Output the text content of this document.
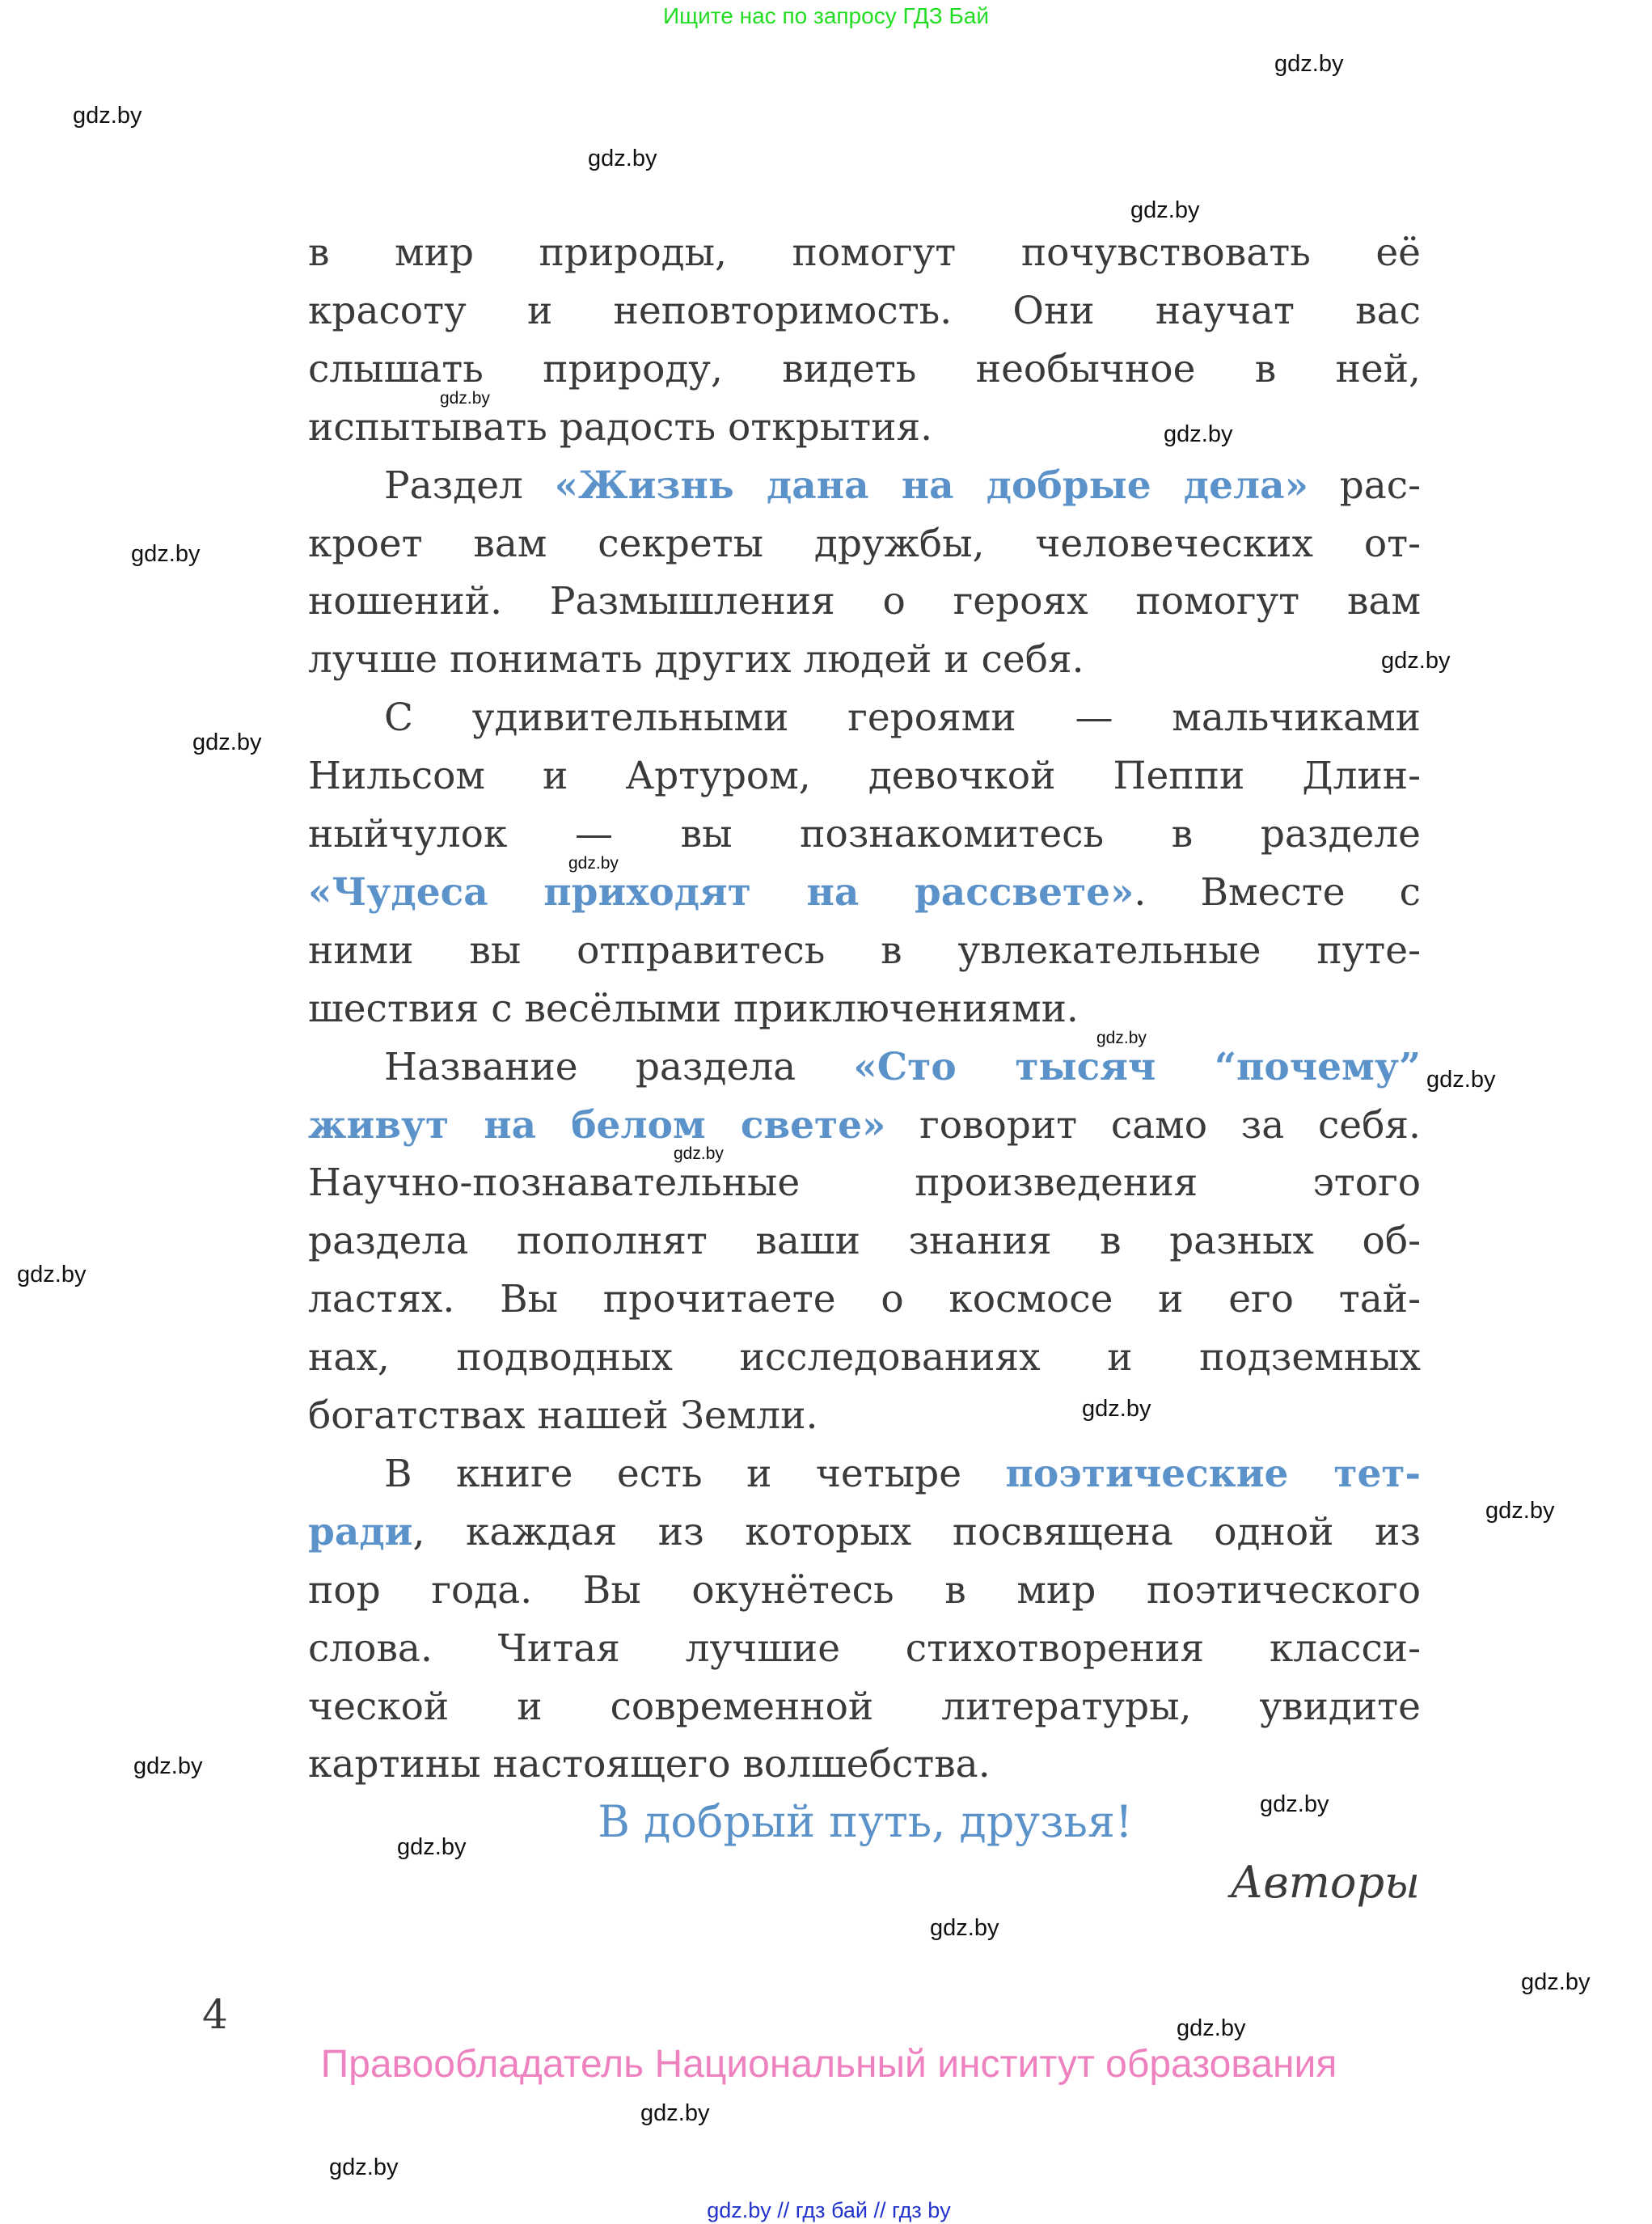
Ищите нас по запросу ГДЗ Бай
в мир природы, помогут почувствовать её
красоту и неповторимость. Они научат вас
слышать природу, видеть необычное в ней,
испытывать радость открытия.
Раздел «Жизнь дана на добрые дела» рас-
кроет вам секреты дружбы, человеческих от-
ношений. Размышления о героях помогут вам
лучше понимать других людей и себя.
С удивительными героями — мальчиками
Нильсом и Артуром, девочкой Пеппи Длин-
ныйчулок — вы познакомитесь в разделе
«Чудеса приходят на рассвете». Вместе с
ними вы отправитесь в увлекательные путе-
шествия с весёлыми приключениями.
Название раздела «Сто тысяч “почему”
живут на белом свете» говорит само за себя.
Научно-познавательные произведения этого
раздела пополнят ваши знания в разных об-
ластях. Вы прочитаете о космосе и его тай-
нах, подводных исследованиях и подземных
богатствах нашей Земли.
В книге есть и четыре поэтические тет-
ради, каждая из которых посвящена одной из
пор года. Вы окунётесь в мир поэтического
слова. Читая лучшие стихотворения класси-
ческой и современной литературы, увидите
картины настоящего волшебства.
В добрый путь, друзья!
Авторы
4
Правообладатель Национальный институт образования
gdz.by // гдз бай // гдз by
gdz.by
gdz.by
gdz.by
gdz.by
gdz.by
gdz.by
gdz.by
gdz.by
gdz.by
gdz.by
gdz.by
gdz.by
gdz.by
gdz.by
gdz.by
gdz.by
gdz.by
gdz.by
gdz.by
gdz.by
gdz.by
gdz.by
gdz.by
gdz.by
